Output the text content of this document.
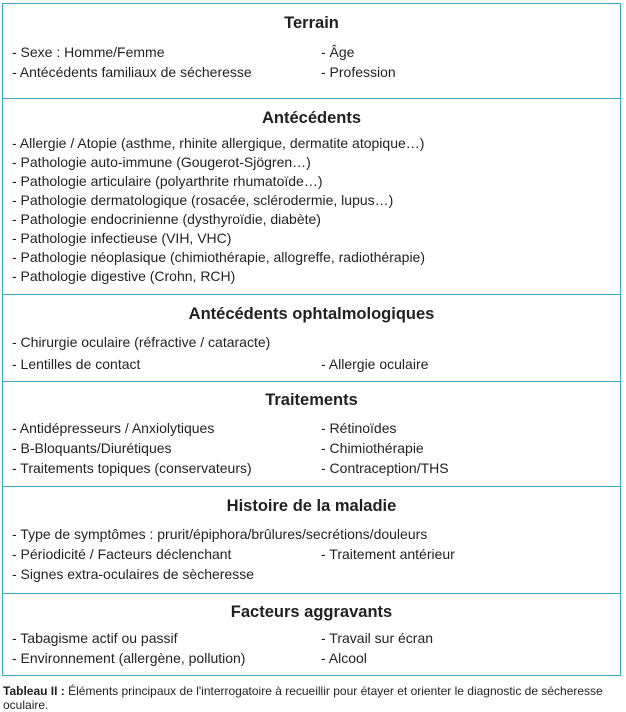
Terrain
- Sexe : Homme/Femme	- Âge
- Antécédents familiaux de sécheresse	- Profession
Antécédents
- Allergie / Atopie (asthme, rhinite allergique, dermatite atopique…)
- Pathologie auto-immune (Gougerot-Sjögren…)
- Pathologie articulaire (polyarthrite rhumatoïde…)
- Pathologie dermatologique (rosacée, sclérodermie, lupus…)
- Pathologie endocrinienne (dysthyroïdie, diabète)
- Pathologie infectieuse (VIH, VHC)
- Pathologie néoplasique (chimiothérapie, allogreffe, radiothérapie)
- Pathologie digestive (Crohn, RCH)
Antécédents ophtalmologiques
- Chirurgie oculaire (réfractive / cataracte)
- Lentilles de contact	- Allergie oculaire
Traitements
- Antidépresseurs / Anxiolytiques	- Rétinoïdes
- B-Bloquants/Diurétiques	- Chimiothérapie
- Traitements topiques (conservateurs)	- Contraception/THS
Histoire de la maladie
- Type de symptômes : prurit/épiphora/brûlures/secrétions/douleurs
- Périodicité / Facteurs déclenchant	- Traitement antérieur
- Signes extra-oculaires de sècheresse
Facteurs aggravants
- Tabagisme actif ou passif	- Travail sur écran
- Environnement (allergène, pollution)	- Alcool
Tableau II : Éléments principaux de l'interrogatoire à recueillir pour étayer et orienter le diagnostic de sécheresse oculaire.
